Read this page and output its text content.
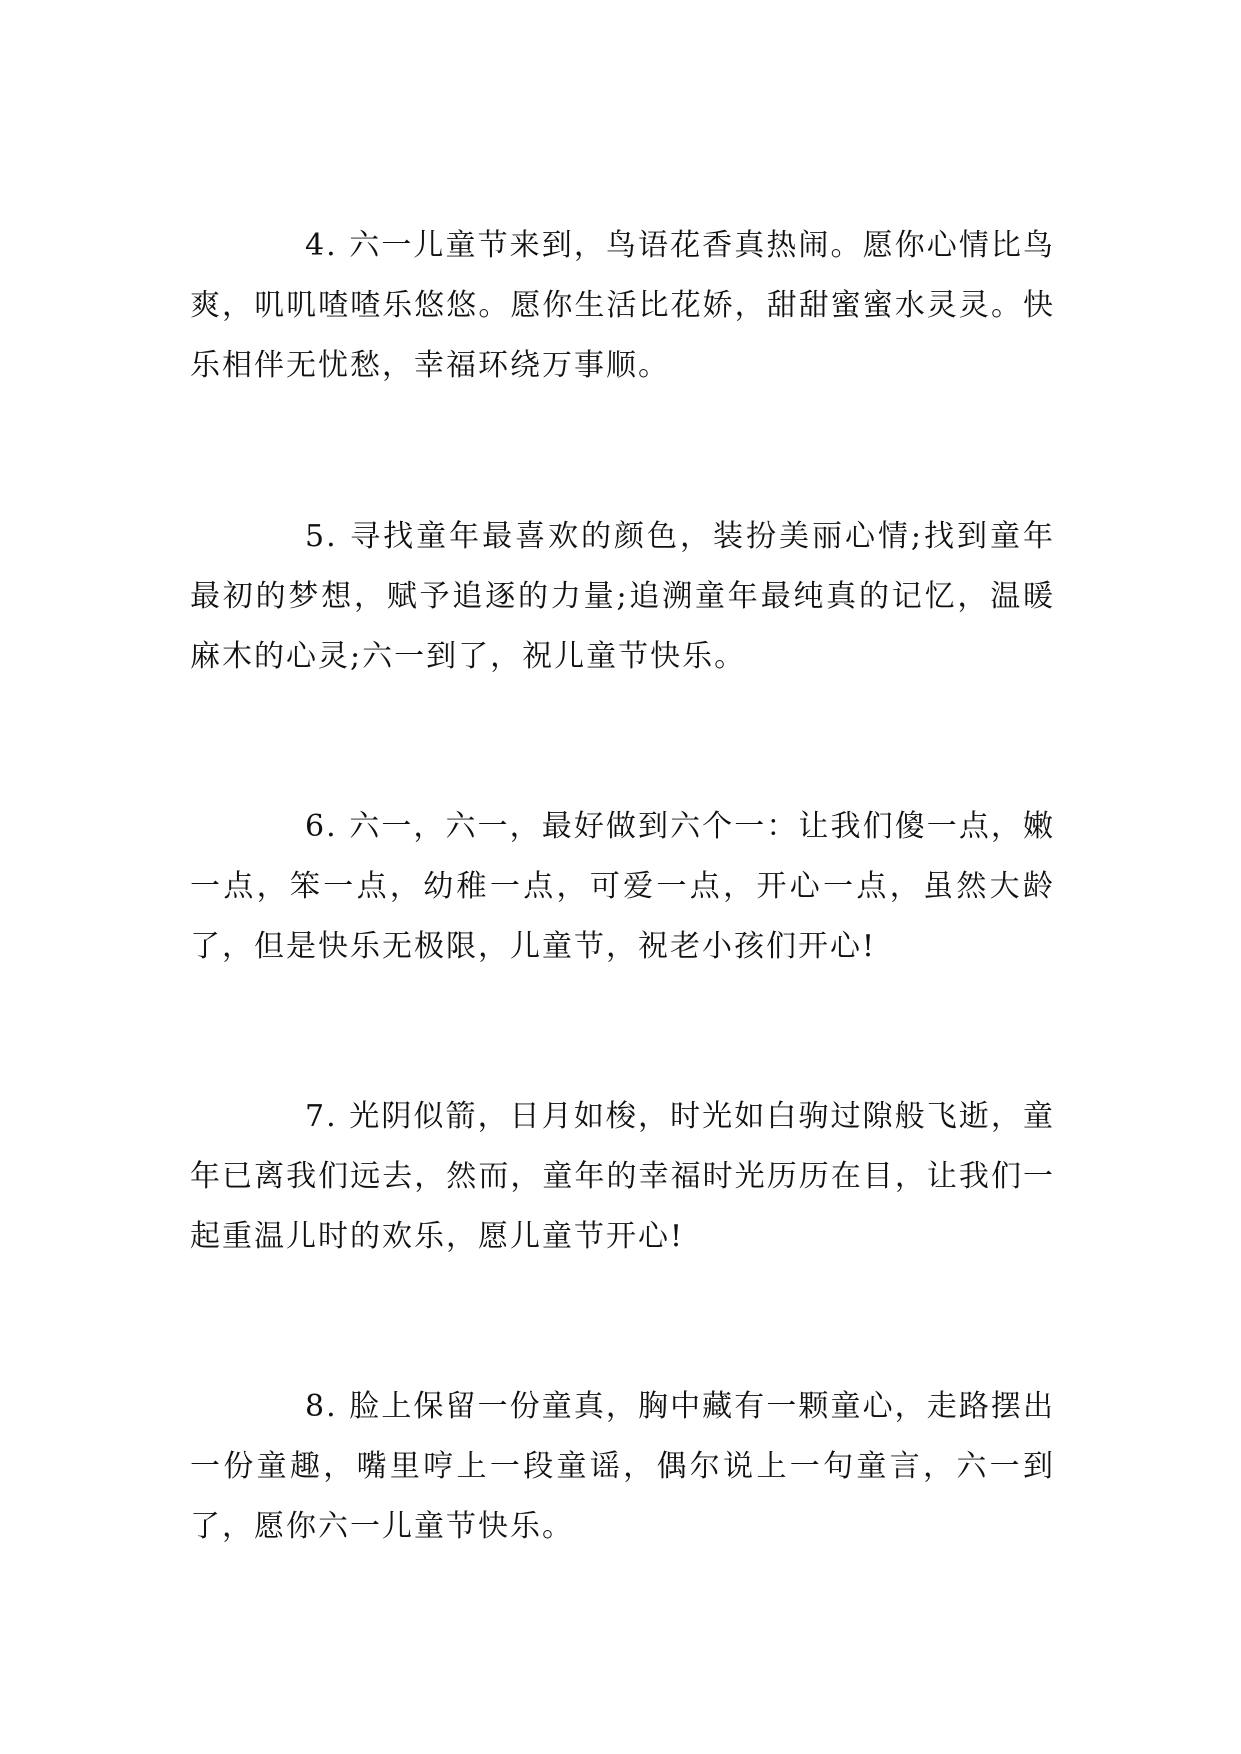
4. 六一儿童节来到，鸟语花香真热闹。愿你心情比鸟爽，叽叽喳喳乐悠悠。愿你生活比花娇，甜甜蜜蜜水灵灵。快乐相伴无忧愁，幸福环绕万事顺。

5. 寻找童年最喜欢的颜色，装扮美丽心情;找到童年最初的梦想，赋予追逐的力量;追溯童年最纯真的记忆，温暖麻木的心灵;六一到了，祝儿童节快乐。

6. 六一，六一，最好做到六个一：让我们傻一点，嫩一点，笨一点，幼稚一点，可爱一点，开心一点，虽然大龄了，但是快乐无极限，儿童节，祝老小孩们开心!

7. 光阴似箭，日月如梭，时光如白驹过隙般飞逝，童年已离我们远去，然而，童年的幸福时光历历在目，让我们一起重温儿时的欢乐，愿儿童节开心!

8. 脸上保留一份童真，胸中藏有一颗童心，走路摆出一份童趣，嘴里哼上一段童谣，偶尔说上一句童言，六一到了，愿你六一儿童节快乐。
